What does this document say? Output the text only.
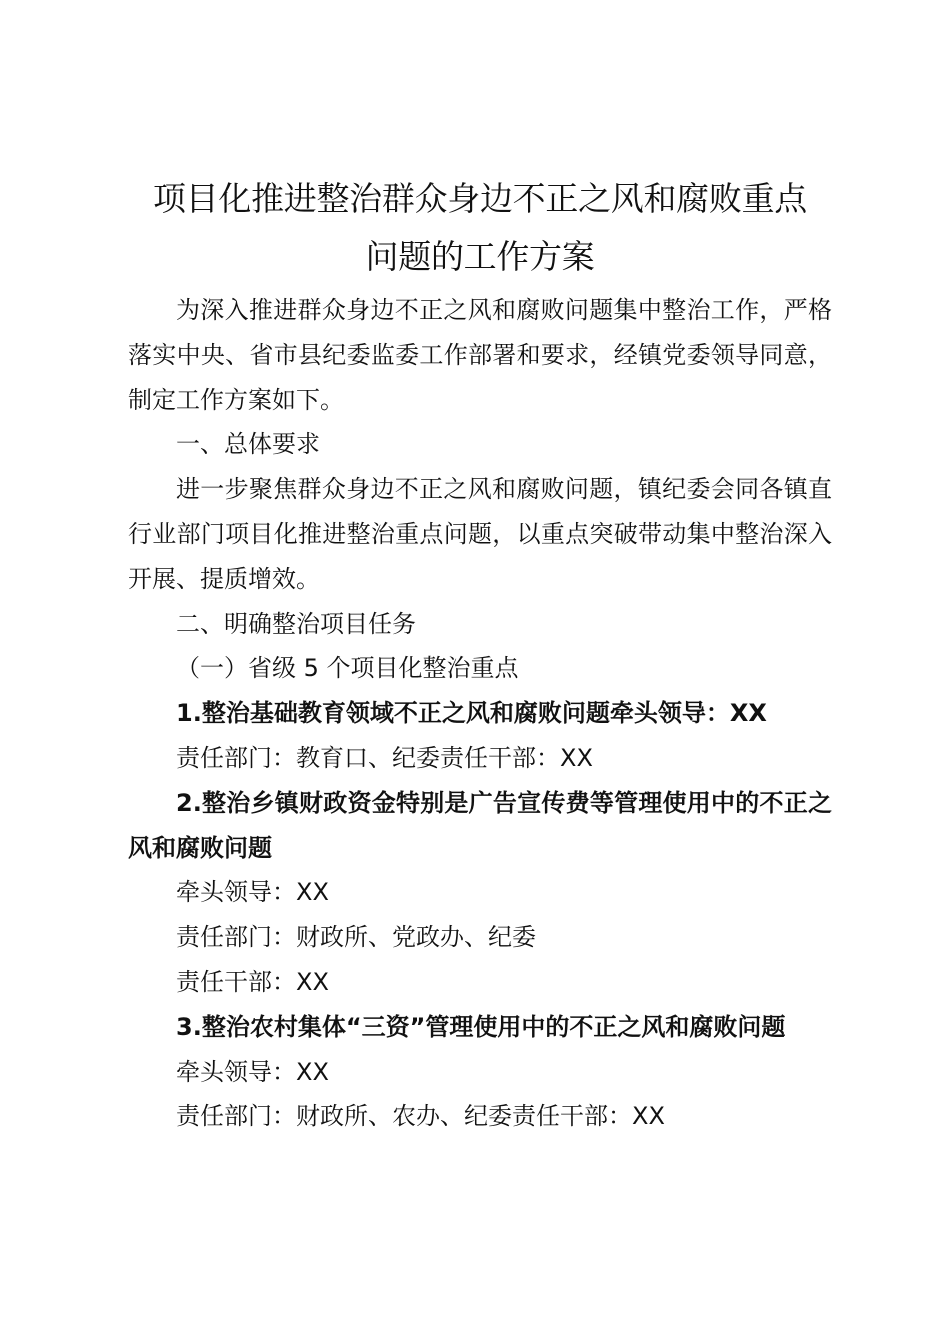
项目化推进整治群众身边不正之风和腐败重点
问题的工作方案

为深入推进群众身边不正之风和腐败问题集中整治工作，严格落实中央、省市县纪委监委工作部署和要求，经镇党委领导同意，制定工作方案如下。

一、总体要求

进一步聚焦群众身边不正之风和腐败问题，镇纪委会同各镇直行业部门项目化推进整治重点问题，以重点突破带动集中整治深入开展、提质增效。

二、明确整治项目任务

（一）省级 5 个项目化整治重点

1.整治基础教育领域不正之风和腐败问题牵头领导：XX

责任部门：教育口、纪委责任干部：XX

2.整治乡镇财政资金特别是广告宣传费等管理使用中的不正之风和腐败问题

牵头领导：XX

责任部门：财政所、党政办、纪委

责任干部：XX

3.整治农村集体“三资”管理使用中的不正之风和腐败问题

牵头领导：XX

责任部门：财政所、农办、纪委责任干部：XX
